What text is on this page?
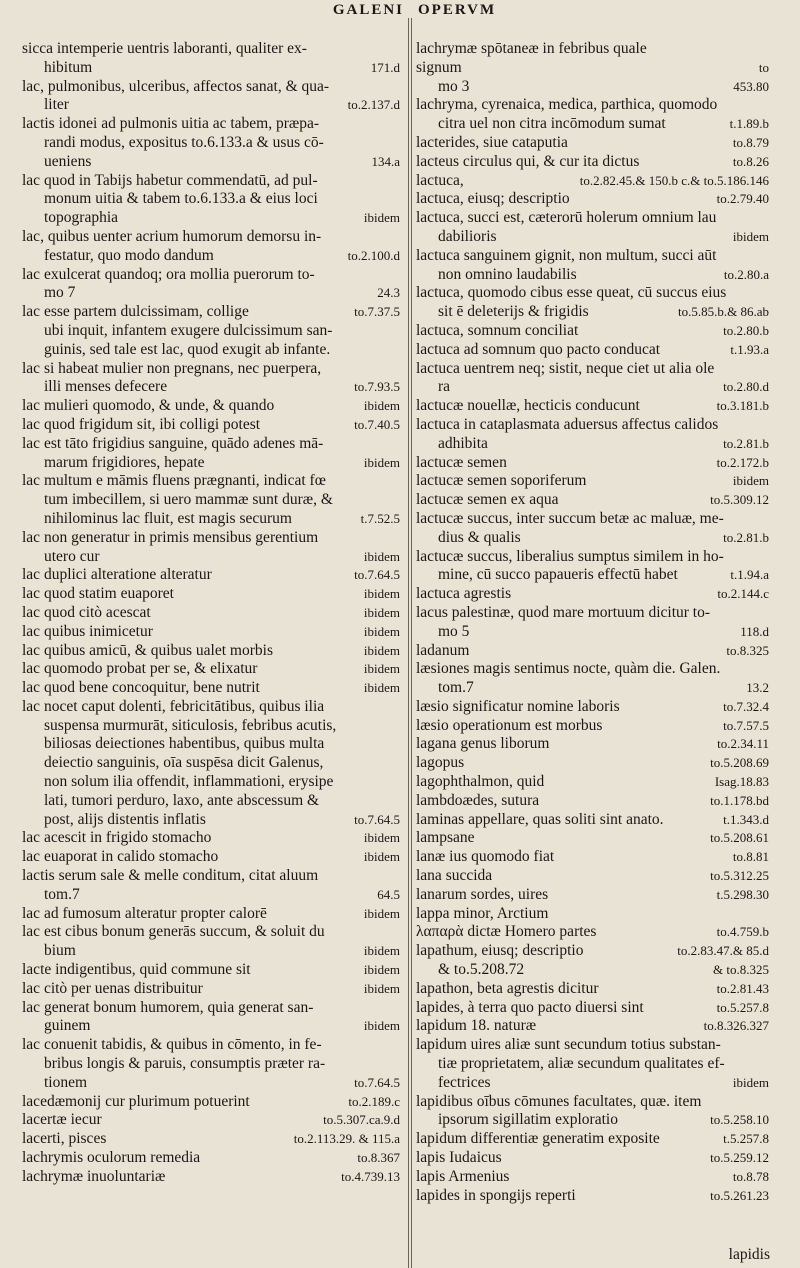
GALENI OPERVM
sicca intemperie uentris laboranti, qualiter ex-
hibitum	171.d
lac, pulmonibus, ulceribus, affectos sanat, & qua-
liter	to.2.137.d
lactis idonei ad pulmonis uitia ac tabem, præpa-
randi modus, expositus to.6.133.a & usus cō-
ueniens	134.a
lac quod in Tabijs habetur commendatū, ad pul-
monum uitia & tabem to.6.133.a & eius loci
topographia	ibidem
lac, quibus uenter acrium humorum demorsu in-
festatur, quo modo dandum	to.2.100.d
lac exulcerat quandoq; ora mollia puerorum to-
mo 7	24.3
lac esse partem dulcissimam, collige	to.7.37.5
ubi inquit, infantem exugere dulcissimum san-
guinis, sed tale est lac, quod exugit ab infante.
lac si habeat mulier non pregnans, nec puerpera,
illi menses defecere	to.7.93.5
lac mulieri quomodo, & unde, & quando	ibidem
lac quod frigidum sit, ibi colligi potest	to.7.40.5
lac est tāto frigidius sanguine, quādo adenes mā-
marum frigidiores, hepate	ibidem
lac multum e māmis fluens prægnanti, indicat fœ
tum imbecillem, si uero mammæ sunt duræ, &
nihilominus lac fluit, est magis securum	t.7.52.5
lac non generatur in primis mensibus gerentium
utero cur	ibidem
lac duplici alteratione alteratur	to.7.64.5
lac quod statim euaporet	ibidem
lac quod citò acescat	ibidem
lac quibus inimicetur	ibidem
lac quibus amicū, & quibus ualet morbis	ibidem
lac quomodo probat per se, & elixatur	ibidem
lac quod bene concoquitur, bene nutrit	ibidem
lac nocet caput dolenti, febricitātibus, quibus ilia
suspensa murmurāt, siticulosis, febribus acutis,
biliosas deiectiones habentibus, quibus multa
deiectio sanguinis, oīa suspēsa dicit Galenus,
non solum ilia offendit, inflammationi, erysipe
lati, tumori perduro, laxo, ante abscessum &
post, alijs distentis inflatis	to.7.64.5
lac acescit in frigido stomacho	ibidem
lac euaporat in calido stomacho	ibidem
lactis serum sale & melle conditum, citat aluum
tom.7	64.5
lac ad fumosum alteratur propter calorē	ibidem
lac est cibus bonum generās succum, & soluit du
bium	ibidem
lacte indigentibus, quid commune sit	ibidem
lac citò per uenas distribuitur	ibidem
lac generat bonum humorem, quia generat san-
guinem	ibidem
lac conuenit tabidis, & quibus in cōmento, in fe-
bribus longis & paruis, consumptis præter ra-
tionem	to.7.64.5
lacedæmonij cur plurimum potuerint	to.2.189.c
lacertæ iecur	to.5.307.ca.9.d
lacerti, pisces	to.2.113.29. & 115.a
lachrymis oculorum remedia	to.8.367
lachrymæ inuoluntariæ	to.4.739.13
lachrymæ spōtaneæ in febribus quale signum	to
mo 3	453.80
lachryma, cyrenaica, medica, parthica, quomodo
citra uel non citra incōmodum sumat	t.1.89.b
lacterides, siue cataputia	to.8.79
lacteus circulus qui, & cur ita dictus	to.8.26
lactuca,	to.2.82.45.& 150.b c.& to.5.186.146
lactuca, eiusq; descriptio	to.2.79.40
lactuca, succi est, cæterorū holerum omnium lau
dabilioris	ibidem
lactuca sanguinem gignit, non multum, succi aūt
non omnino laudabilis	to.2.80.a
lactuca, quomodo cibus esse queat, cū succus eius
sit ē deleterijs & frigidis	to.5.85.b.& 86.ab
lactuca, somnum conciliat	to.2.80.b
lactuca ad somnum quo pacto conducat	t.1.93.a
lactuca uentrem neq; sistit, neque ciet ut alia ole
ra	to.2.80.d
lactucæ nouellæ, hecticis conducunt	to.3.181.b
lactuca in cataplasmata aduersus affectus calidos
adhibita	to.2.81.b
lactucæ semen	to.2.172.b
lactucæ semen soporiferum	ibidem
lactucæ semen ex aqua	to.5.309.12
lactucæ succus, inter succum betæ ac maluæ, me-
dius & qualis	to.2.81.b
lactucæ succus, liberalius sumptus similem in ho-
mine, cū succo papaueris effectū habet	t.1.94.a
lactuca agrestis	to.2.144.c
lacus palestinæ, quod mare mortuum dicitur to-
mo 5	118.d
ladanum	to.8.325
læsiones magis sentimus nocte, quàm die. Galen.
tom.7	13.2
læsio significatur nomine laboris	to.7.32.4
læsio operationum est morbus	to.7.57.5
lagana genus liborum	to.2.34.11
lagopus	to.5.208.69
lagophthalmon, quid	Isag.18.83
lambdoædes, sutura	to.1.178.bd
laminas appellare, quas soliti sint anato.	t.1.343.d
lampsane	to.5.208.61
lanæ ius quomodo fiat	to.8.81
lana succida	to.5.312.25
lanarum sordes, uires	t.5.298.30
lappa minor, Arctium
λαπαρὰ dictæ Homero partes	to.4.759.b
lapathum, eiusq; descriptio	to.2.83.47.& 85.d
& to.5.208.72	& to.8.325
lapathon, beta agrestis dicitur	to.2.81.43
lapides, à terra quo pacto diuersi sint	to.5.257.8
lapidum 18. naturæ	to.8.326.327
lapidum uires aliæ sunt secundum totius substan-
tiæ proprietatem, aliæ secundum qualitates ef-
fectrices	ibidem
lapidibus oībus cōmunes facultates, quæ. item
ipsorum sigillatim exploratio	to.5.258.10
lapidum differentiæ generatim exposite	t.5.257.8
lapis Iudaicus	to.5.259.12
lapis Armenius	to.8.78
lapides in spongijs reperti	to.5.261.23
lapidis
